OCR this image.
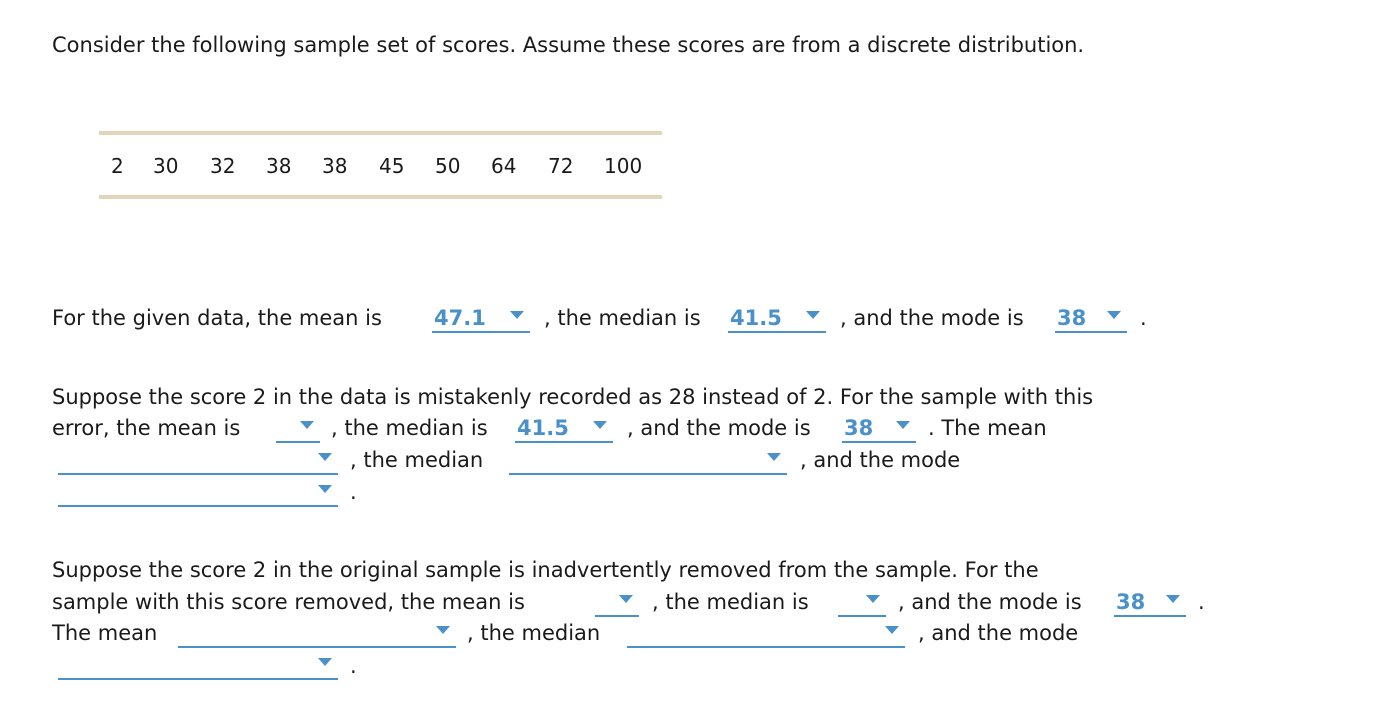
Consider the following sample set of scores. Assume these scores are from a discrete distribution.
2 30 32 38 38 45 50 64 72 100
For the given data, the mean is 47.1	, the median is 41.5	, and the mode is 38	.
Suppose the score 2 in the data is mistakenly recorded as 28 instead of 2. For the sample with this
error, the mean is	, the median is 41.5	, and the mode is 38	. The mean
, the median	, and the mode
.
Suppose the score 2 in the original sample is inadvertently removed from the sample. For the
sample with this score removed, the mean is	, the median is	, and the mode is 38	.
The mean	, the median	, and the mode
.
